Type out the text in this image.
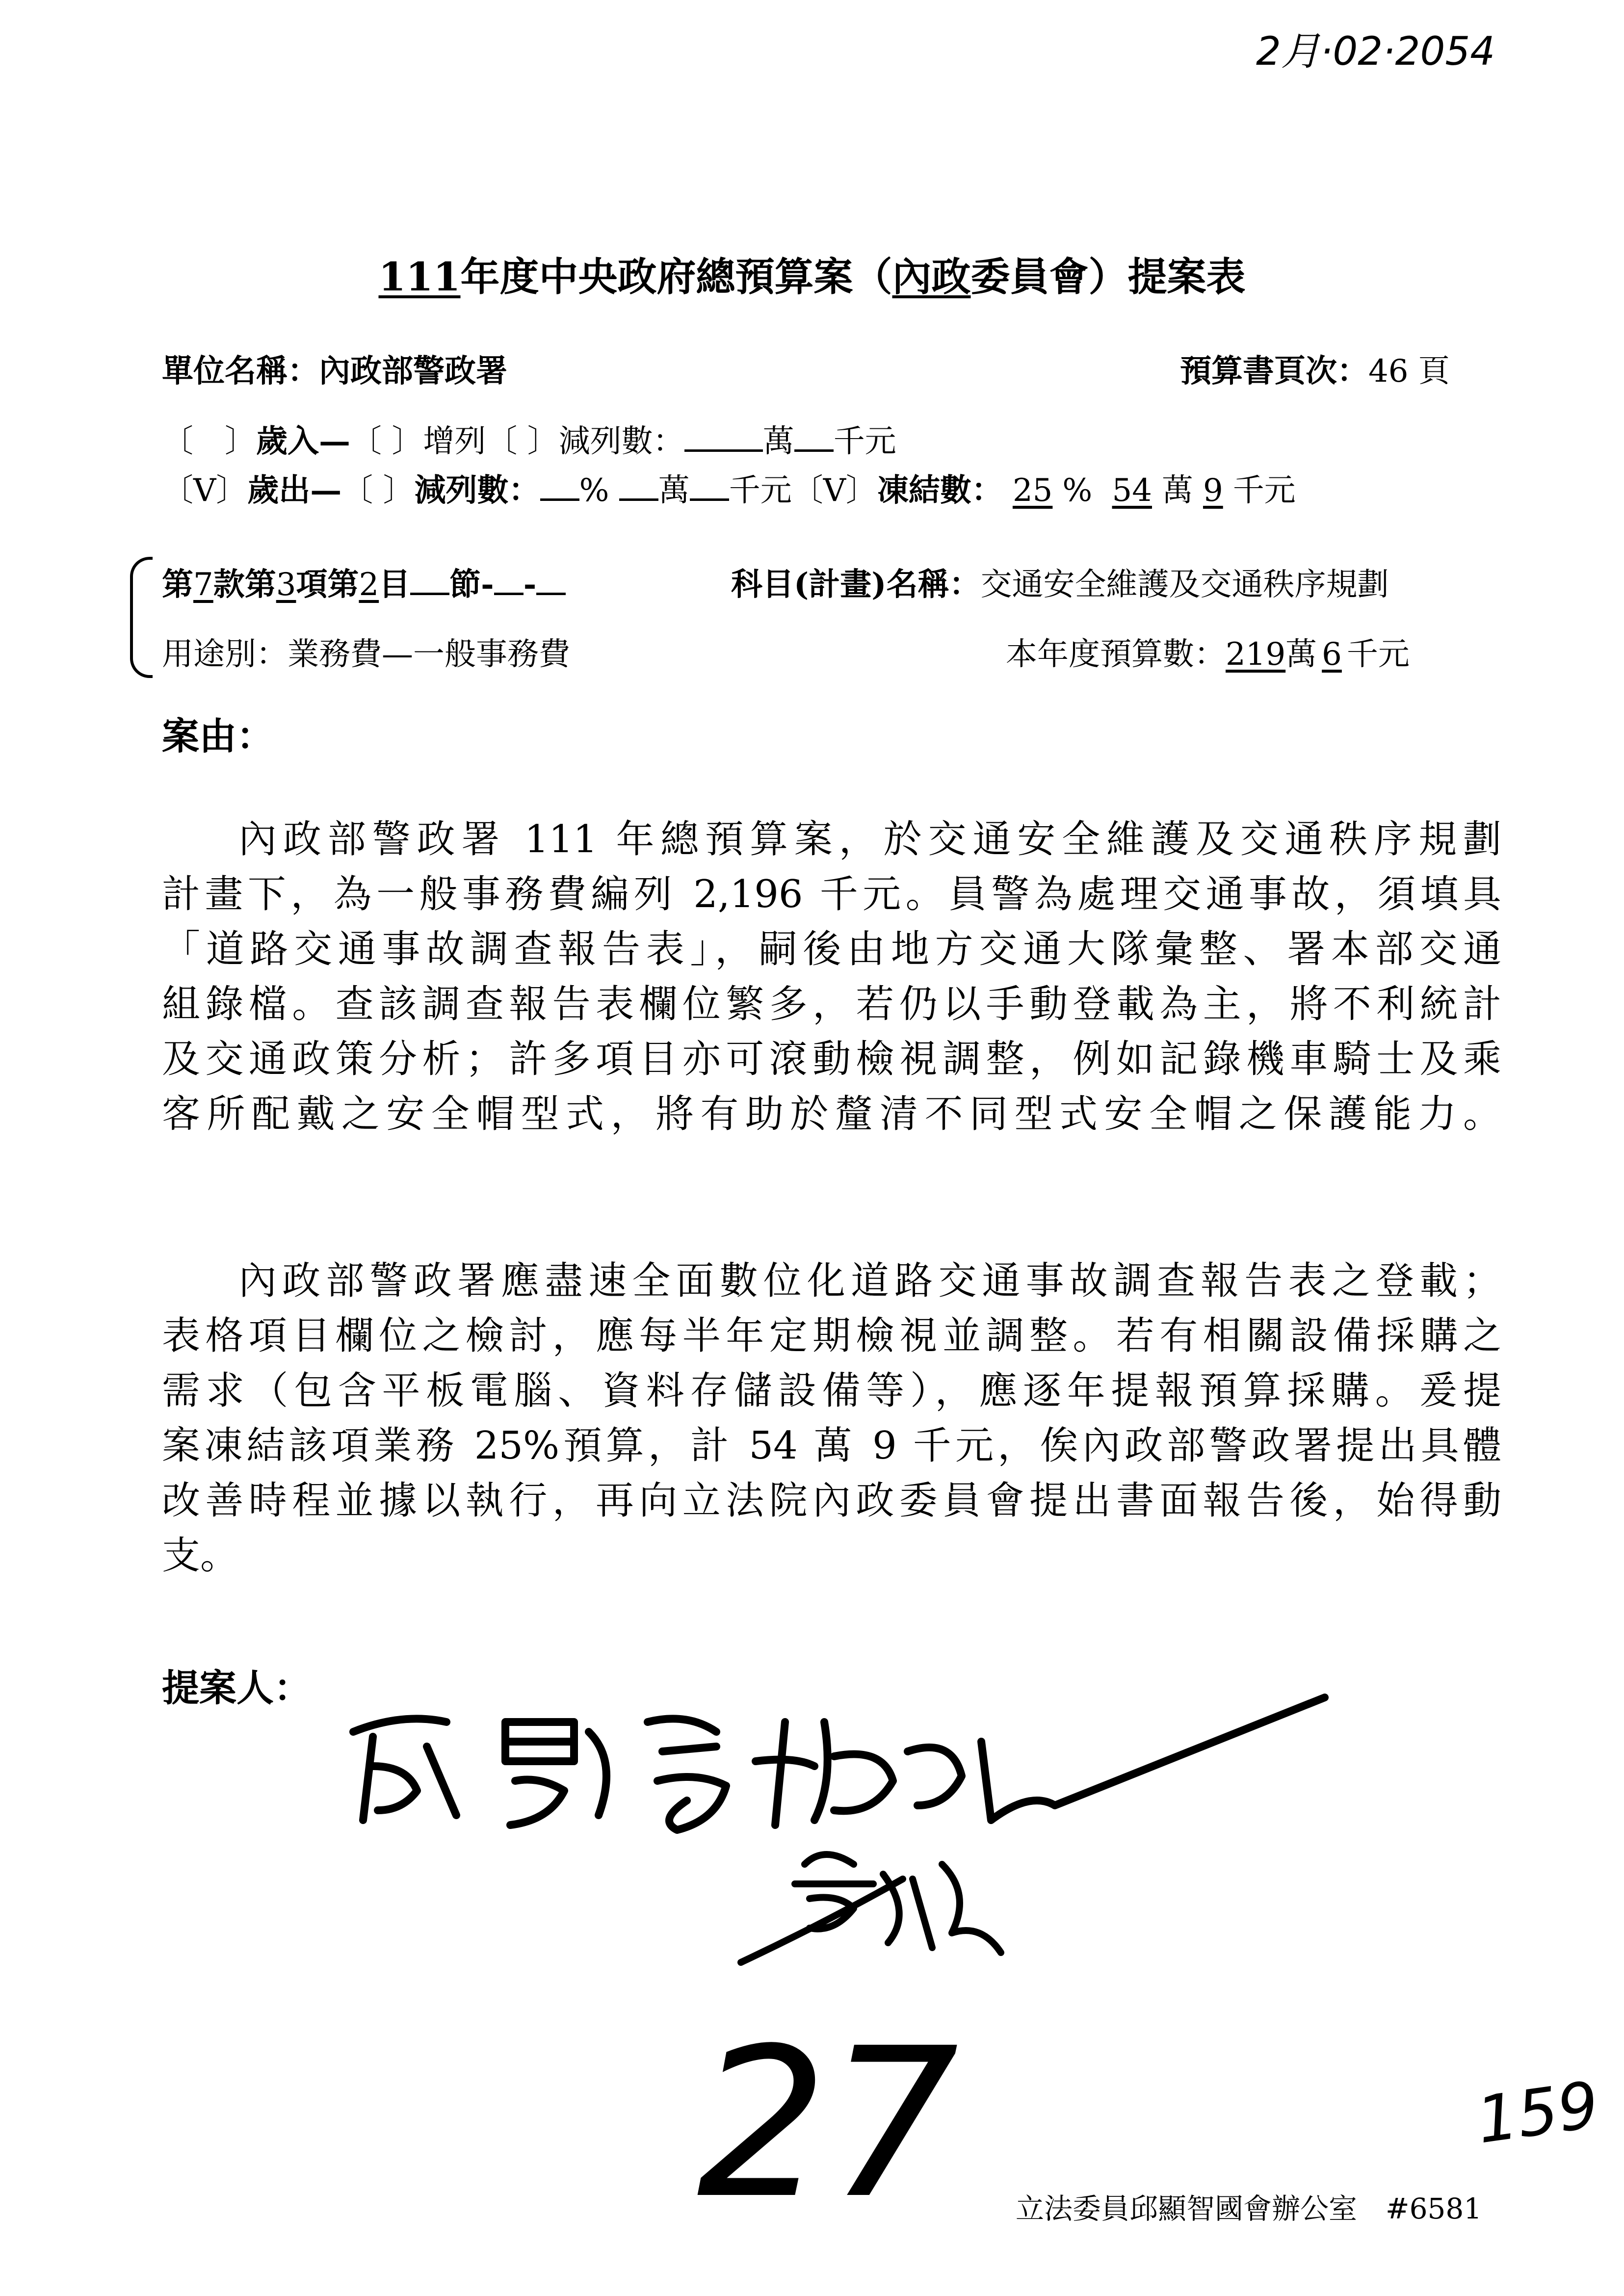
2月·02·2054
111年度中央政府總預算案（內政委員會）提案表
單位名稱：內政部警政署	預算書頁次：46 頁
〔　〕歲入—〔 〕增列〔 〕減列數：	萬 千元
〔V〕歲出—〔 〕減列數： % 萬 千元〔V〕凍結數： 25 % 54 萬 9 千元
第7款第3項第2目 節- -	科目(計畫)名稱：交通安全維護及交通秩序規劃
用途別：業務費—一般事務費	本年度預算數：219萬 6 千元
案由：
內政部警政署 111 年總預算案，於交通安全維護及交通秩序規劃
計畫下，為一般事務費編列 2,196 千元。員警為處理交通事故，須填具
「道路交通事故調查報告表」，嗣後由地方交通大隊彙整、署本部交通
組錄檔。查該調查報告表欄位繁多，若仍以手動登載為主，將不利統計
及交通政策分析；許多項目亦可滾動檢視調整，例如記錄機車騎士及乘
客所配戴之安全帽型式，將有助於釐清不同型式安全帽之保護能力。
內政部警政署應盡速全面數位化道路交通事故調查報告表之登載；
表格項目欄位之檢討，應每半年定期檢視並調整。若有相關設備採購之
需求（包含平板電腦、資料存儲設備等），應逐年提報預算採購。爰提
案凍結該項業務 25%預算，計 54 萬 9 千元，俟內政部警政署提出具體
改善時程並據以執行，再向立法院內政委員會提出書面報告後，始得動
支。
提案人：
27	159
立法委員邱顯智國會辦公室　#6581
